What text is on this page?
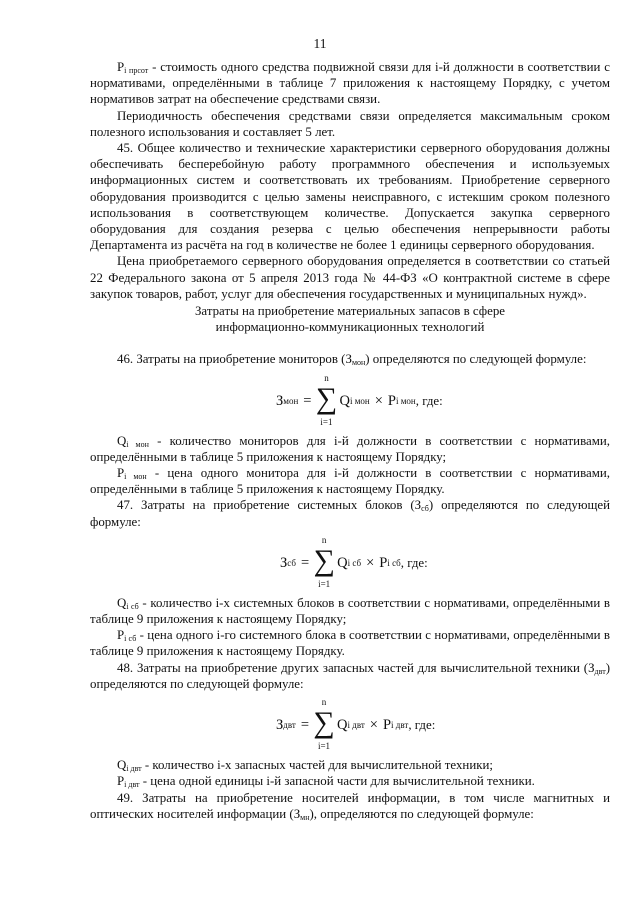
11

$P_{i прсот}$ - стоимость одного средства подвижной связи для i-й должности в соответствии с нормативами, определёнными в таблице 7 приложения к настоящему Порядку, с учетом нормативов затрат на обеспечение средствами связи.

Периодичность обеспечения средствами связи определяется максимальным сроком полезного использования и составляет 5 лет.

45. Общее количество и технические характеристики серверного оборудования должны обеспечивать бесперебойную работу программного обеспечения и используемых информационных систем и соответствовать их требованиям. Приобретение серверного оборудования производится с целью замены неисправного, с истекшим сроком полезного использования в соответствующем количестве. Допускается закупка серверного оборудования для создания резерва с целью обеспечения непрерывности работы Департамента из расчёта на год в количестве не более 1 единицы серверного оборудования.

Цена приобретаемого серверного оборудования определяется в соответствии со статьей 22 Федерального закона от 5 апреля 2013 года № 44-ФЗ «О контрактной системе в сфере закупок товаров, работ, услуг для обеспечения государственных и муниципальных нужд».

Затраты на приобретение материальных запасов в сфере
информационно-коммуникационных технологий

46. Затраты на приобретение мониторов $(З_{мон})$ определяются по следующей формуле:

З мон =
n
∑
i=1
Q i мон × P i мон , где:

$Q_{i мон}$ - количество мониторов для i-й должности в соответствии с нормативами, определёнными в таблице 5 приложения к настоящему Порядку;

$P_{i мон}$ - цена одного монитора для i-й должности в соответствии с нормативами, определёнными в таблице 5 приложения к настоящему Порядку.

47. Затраты на приобретение системных блоков $(З_{сб})$ определяются по следующей формуле:

З сб =
n
∑
i=1
Q i сб × P i сб , где:

$Q_{i сб}$ - количество i-х системных блоков в соответствии с нормативами, определёнными в таблице 9 приложения к настоящему Порядку;

$P_{i сб}$ - цена одного i-го системного блока в соответствии с нормативами, определёнными в таблице 9 приложения к настоящему Порядку.

48. Затраты на приобретение других запасных частей для вычислительной техники $(З_{двт})$ определяются по следующей формуле:

З двт =
n
∑
i=1
Q i двт × P i двт , где:

$Q_{i двт}$ - количество i-х запасных частей для вычислительной техники;

$P_{i двт}$ - цена одной единицы i-й запасной части для вычислительной техники.

49. Затраты на приобретение носителей информации, в том числе магнитных и оптических носителей информации $(З_{мн})$, определяются по следующей формуле:
